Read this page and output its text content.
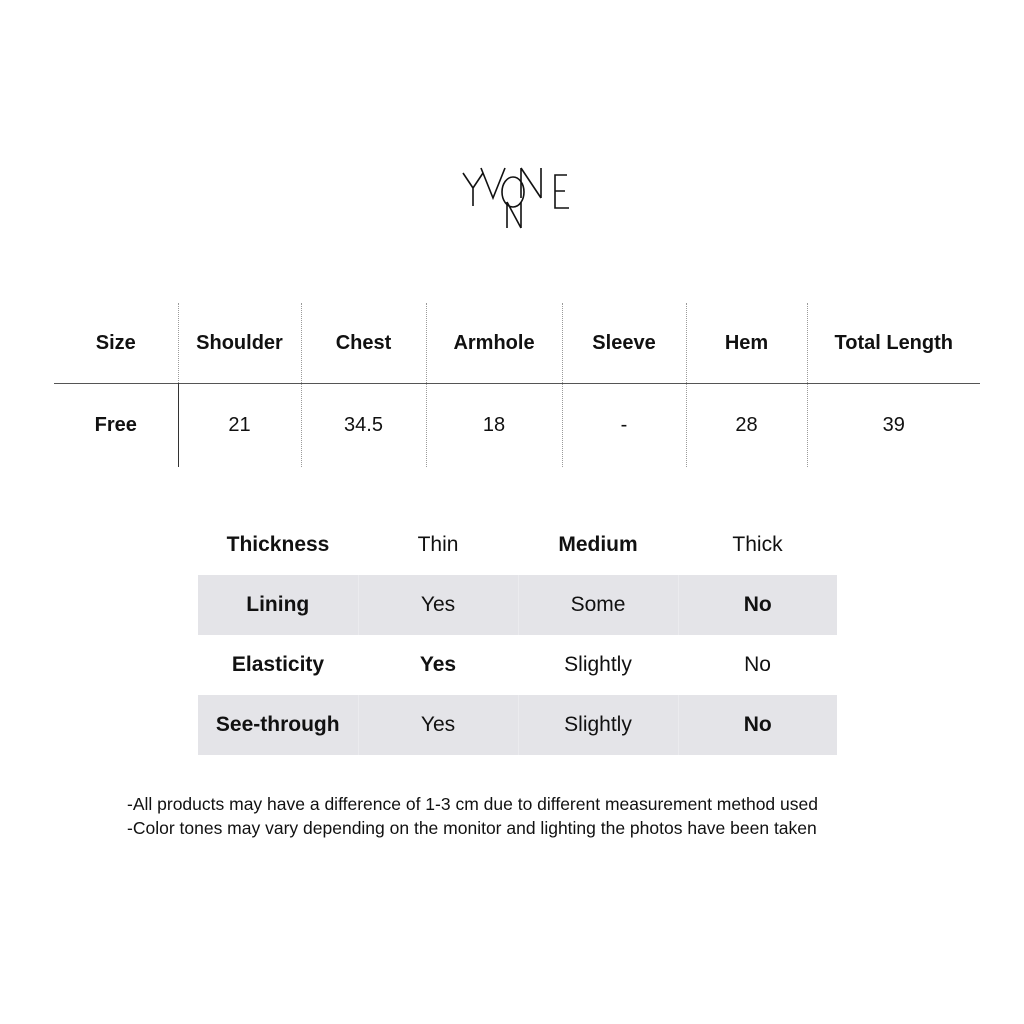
Size	Shoulder	Chest	Armhole	Sleeve	Hem	Total Length
Free	21	34.5	18	-	28	39
Thickness	Thin	Medium	Thick
Lining	Yes	Some	No
Elasticity	Yes	Slightly	No
See-through	Yes	Slightly	No

-All products may have a difference of 1-3 cm due to different measurement method used

-Color tones may vary depending on the monitor and lighting the photos have been taken
